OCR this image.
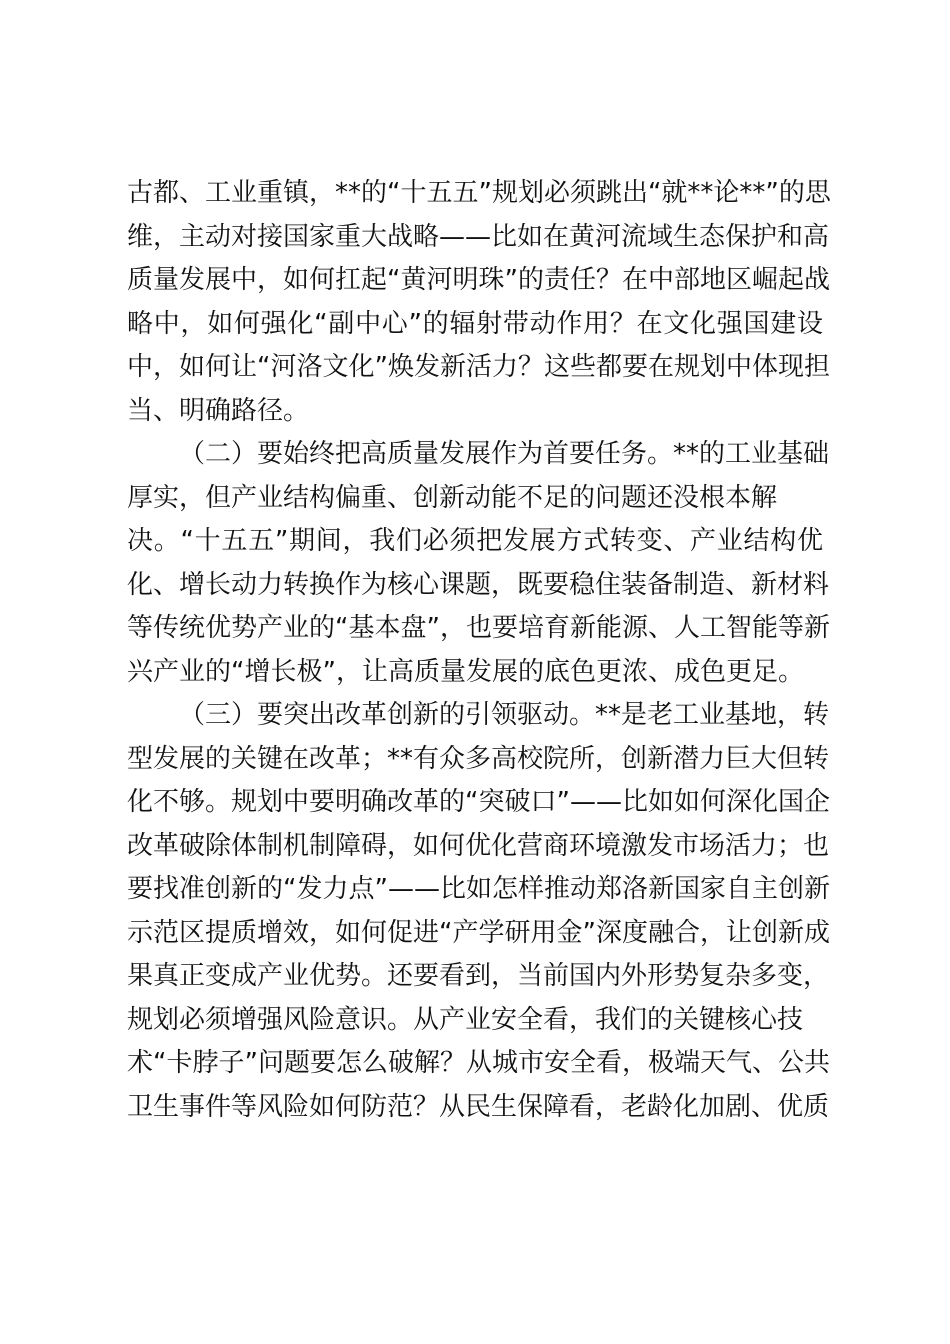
古都、工业重镇，**的“十五五”规划必须跳出“就**论**”的思
维，主动对接国家重大战略——比如在黄河流域生态保护和高
质量发展中，如何扛起“黄河明珠”的责任？在中部地区崛起战
略中，如何强化“副中心”的辐射带动作用？在文化强国建设
中，如何让“河洛文化”焕发新活力？这些都要在规划中体现担
当、明确路径。
（二）要始终把高质量发展作为首要任务。**的工业基础
厚实，但产业结构偏重、创新动能不足的问题还没根本解
决。“十五五”期间，我们必须把发展方式转变、产业结构优
化、增长动力转换作为核心课题，既要稳住装备制造、新材料
等传统优势产业的“基本盘”，也要培育新能源、人工智能等新
兴产业的“增长极”，让高质量发展的底色更浓、成色更足。
（三）要突出改革创新的引领驱动。**是老工业基地，转
型发展的关键在改革；**有众多高校院所，创新潜力巨大但转
化不够。规划中要明确改革的“突破口”——比如如何深化国企
改革破除体制机制障碍，如何优化营商环境激发市场活力；也
要找准创新的“发力点”——比如怎样推动郑洛新国家自主创新
示范区提质增效，如何促进“产学研用金”深度融合，让创新成
果真正变成产业优势。还要看到，当前国内外形势复杂多变，
规划必须增强风险意识。从产业安全看，我们的关键核心技
术“卡脖子”问题要怎么破解？从城市安全看，极端天气、公共
卫生事件等风险如何防范？从民生保障看，老龄化加剧、优质
